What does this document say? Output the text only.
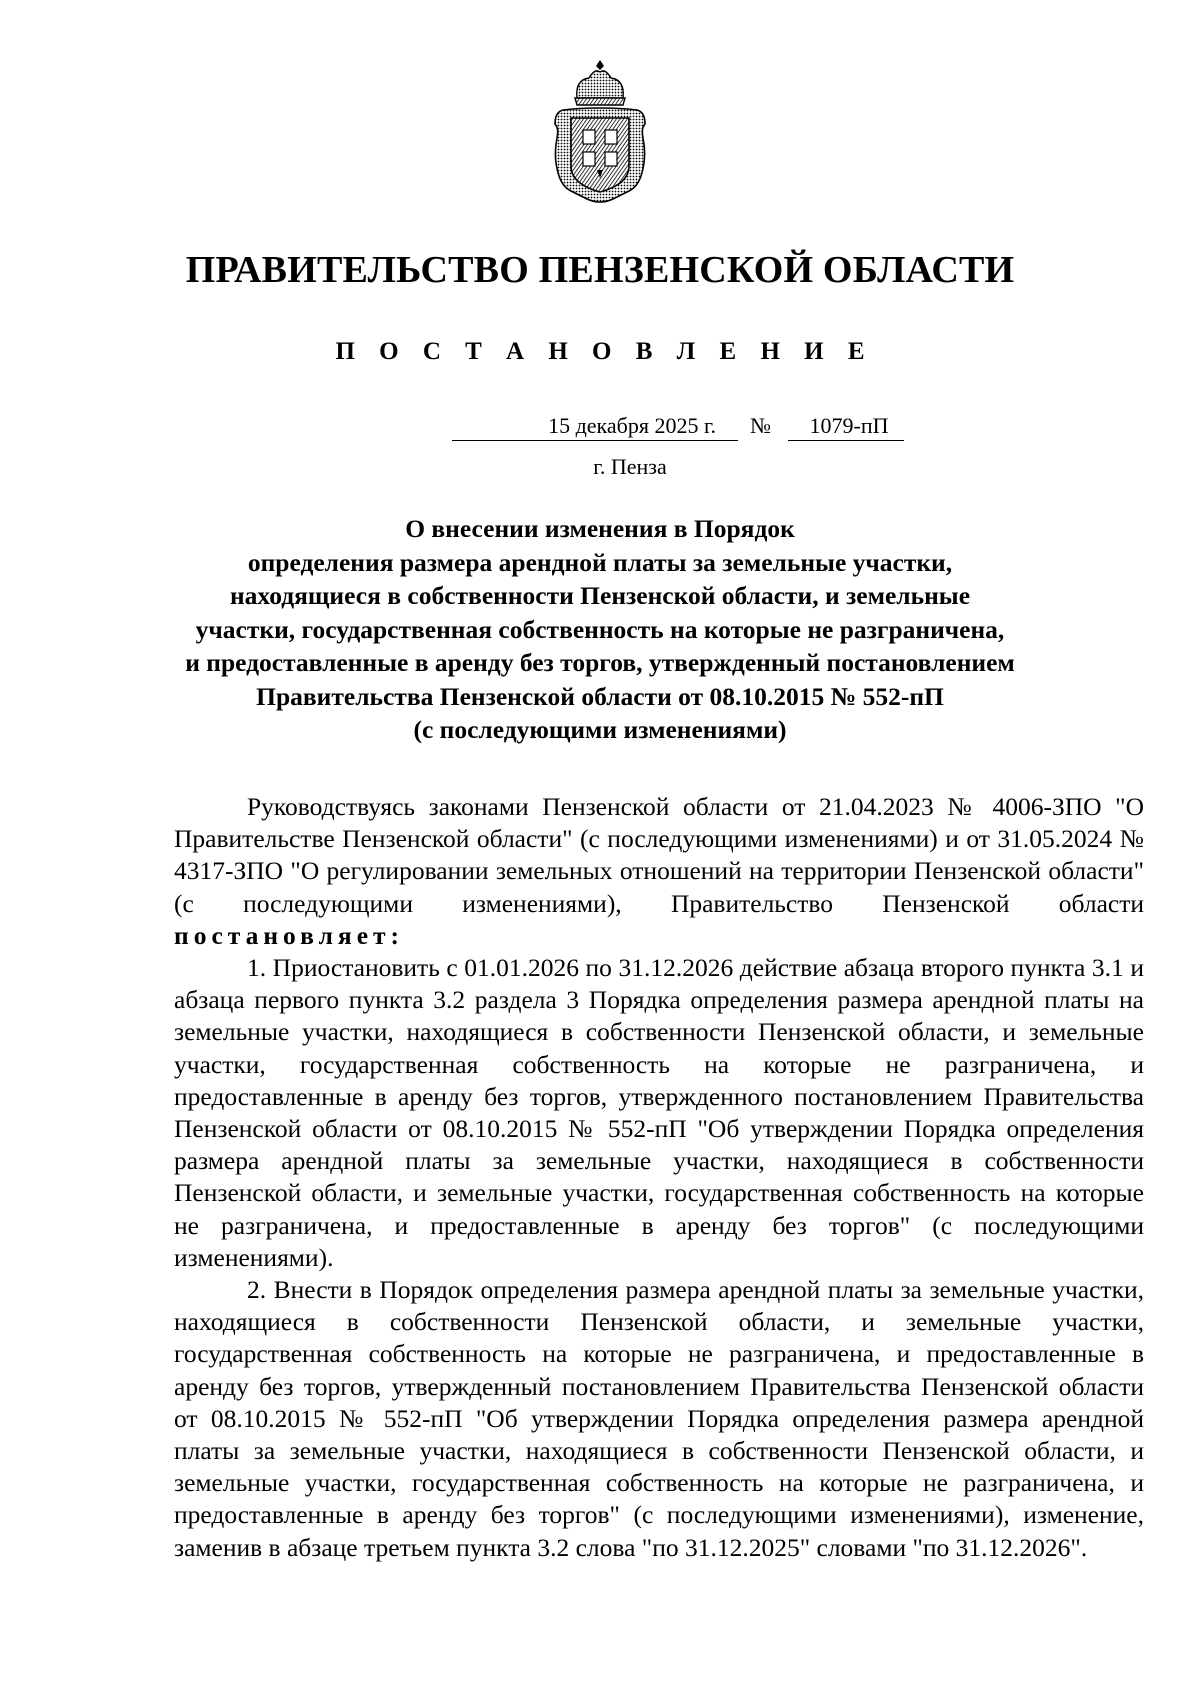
ПРАВИТЕЛЬСТВО ПЕНЗЕНСКОЙ ОБЛАСТИ
П О С Т А Н О В Л Е Н И Е
15 декабря 2025 г.	№	1079-пП
г. Пенза
О внесении изменения в Порядок
определения размера арендной платы за земельные участки,
находящиеся в собственности Пензенской области, и земельные
участки, государственная собственность на которые не разграничена,
и предоставленные в аренду без торгов, утвержденный постановлением
Правительства Пензенской области от 08.10.2015 № 552-пП
(с последующими изменениями)

Руководствуясь законами Пензенской области от 21.04.2023 № 4006-ЗПО "О Правительстве Пензенской области" (с последующими изменениями) и от 31.05.2024 № 4317-ЗПО "О регулировании земельных отношений на территории Пензенской области" (с последующими изменениями), Правительство Пензенской области постановляет:

1. Приостановить с 01.01.2026 по 31.12.2026 действие абзаца второго пункта 3.1 и абзаца первого пункта 3.2 раздела 3 Порядка определения размера арендной платы на земельные участки, находящиеся в собственности Пензенской области, и земельные участки, государственная собственность на которые не разграничена, и предоставленные в аренду без торгов, утвержденного постановлением Правительства Пензенской области от 08.10.2015 № 552-пП "Об утверждении Порядка определения размера арендной платы за земельные участки, находящиеся в собственности Пензенской области, и земельные участки, государственная собственность на которые не разграничена, и предоставленные в аренду без торгов" (с последующими изменениями).

2. Внести в Порядок определения размера арендной платы за земельные участки, находящиеся в собственности Пензенской области, и земельные участки, государственная собственность на которые не разграничена, и предоставленные в аренду без торгов, утвержденный постановлением Правительства Пензенской области от 08.10.2015 № 552-пП "Об утверждении Порядка определения размера арендной платы за земельные участки, находящиеся в собственности Пензенской области, и земельные участки, государственная собственность на которые не разграничена, и предоставленные в аренду без торгов" (с последующими изменениями), изменение, заменив в абзаце третьем пункта 3.2 слова "по 31.12.2025" словами "по 31.12.2026".
